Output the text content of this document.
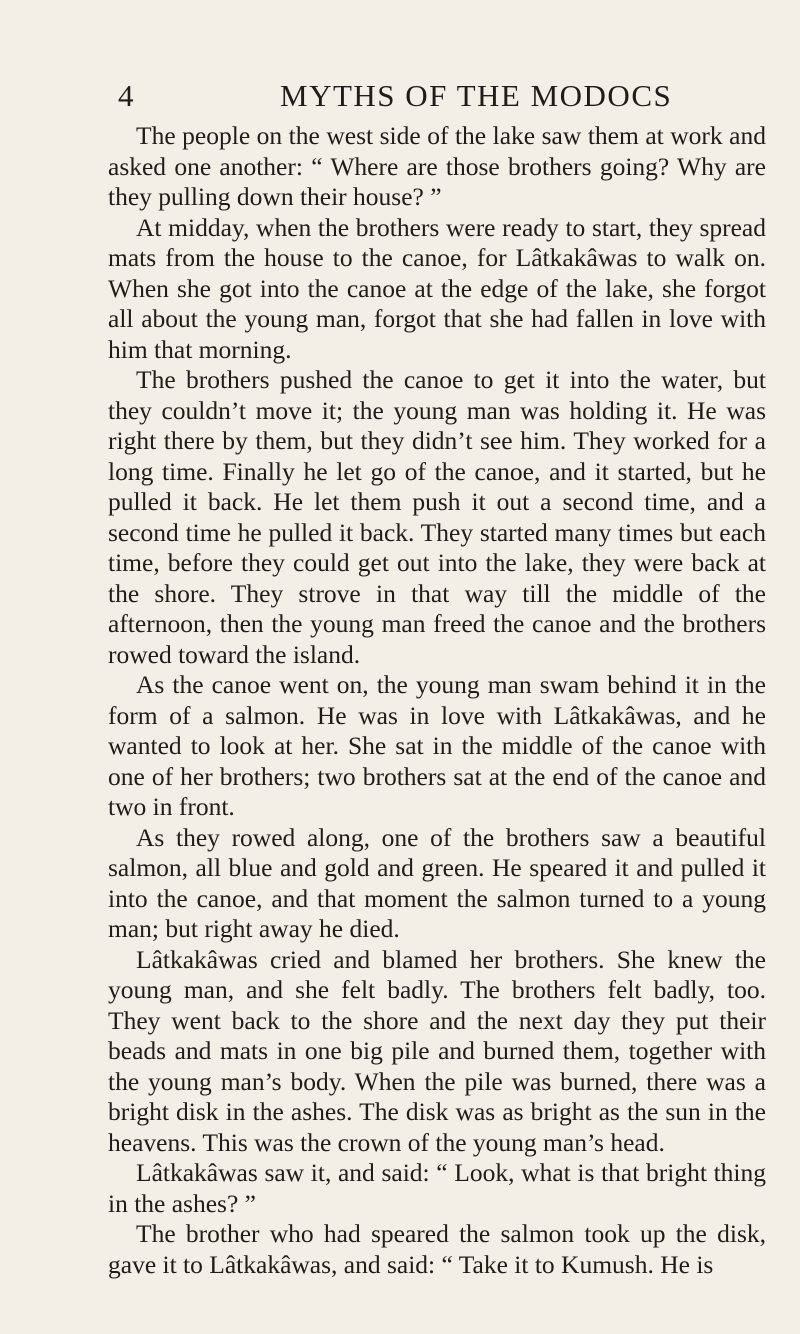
4	MYTHS OF THE MODOCS

The people on the west side of the lake saw them at work and asked one another: “ Where are those brothers going? Why are they pulling down their house? ”

At midday, when the brothers were ready to start, they spread mats from the house to the canoe, for Lâtkakâwas to walk on. When she got into the canoe at the edge of the lake, she forgot all about the young man, forgot that she had fallen in love with him that morning.

The brothers pushed the canoe to get it into the water, but they couldn’t move it; the young man was holding it. He was right there by them, but they didn’t see him. They worked for a long time. Finally he let go of the canoe, and it started, but he pulled it back. He let them push it out a second time, and a second time he pulled it back. They started many times but each time, before they could get out into the lake, they were back at the shore. They strove in that way till the middle of the afternoon, then the young man freed the canoe and the brothers rowed toward the island.

As the canoe went on, the young man swam behind it in the form of a salmon. He was in love with Lâtkakâwas, and he wanted to look at her. She sat in the middle of the canoe with one of her brothers; two brothers sat at the end of the canoe and two in front.

As they rowed along, one of the brothers saw a beautiful salmon, all blue and gold and green. He speared it and pulled it into the canoe, and that moment the salmon turned to a young man; but right away he died.

Lâtkakâwas cried and blamed her brothers. She knew the young man, and she felt badly. The brothers felt badly, too. They went back to the shore and the next day they put their beads and mats in one big pile and burned them, together with the young man’s body. When the pile was burned, there was a bright disk in the ashes. The disk was as bright as the sun in the heavens. This was the crown of the young man’s head.

Lâtkakâwas saw it, and said: “ Look, what is that bright thing in the ashes? ”

The brother who had speared the salmon took up the disk, gave it to Lâtkakâwas, and said: “ Take it to Kumush. He is
